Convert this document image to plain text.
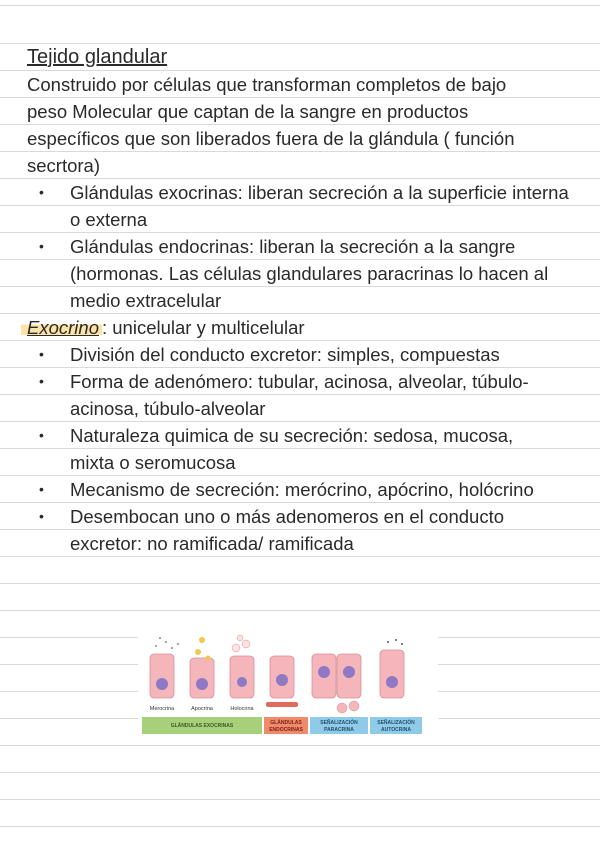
Tejido glandular
Construido por células que transforman completos de bajo
peso Molecular que captan de la sangre en productos
específicos que son liberados fuera de la glándula ( función
secrtora)
• Glándulas exocrinas: liberan secreción a la superficie interna o externa
• Glándulas endocrinas: liberan la secreción a la sangre (hormonas. Las células glandulares paracrinas lo hacen al medio extracelular
Exocrino : unicelular y multicelular
• División del conducto excretor: simples, compuestas
• Forma de adenómero: tubular, acinosa, alveolar, túbulo-acinosa, túbulo-alveolar
• Naturaleza quimica de su secreción: sedosa, mucosa, mixta o seromucosa
• Mecanismo de secreción: merócrino, apócrino, holócrino
• Desembocan uno o más adenomeros en el conducto excretor: no ramificada/ ramificada
Merocrina	Apocrina	Holocrina
GLÁNDULAS EXOCRINAS	GLÁNDULAS
ENDOCRINAS
SEÑALIZACIÓN
PARACRINA
SEÑALIZACIÓN
AUTOCRINA
